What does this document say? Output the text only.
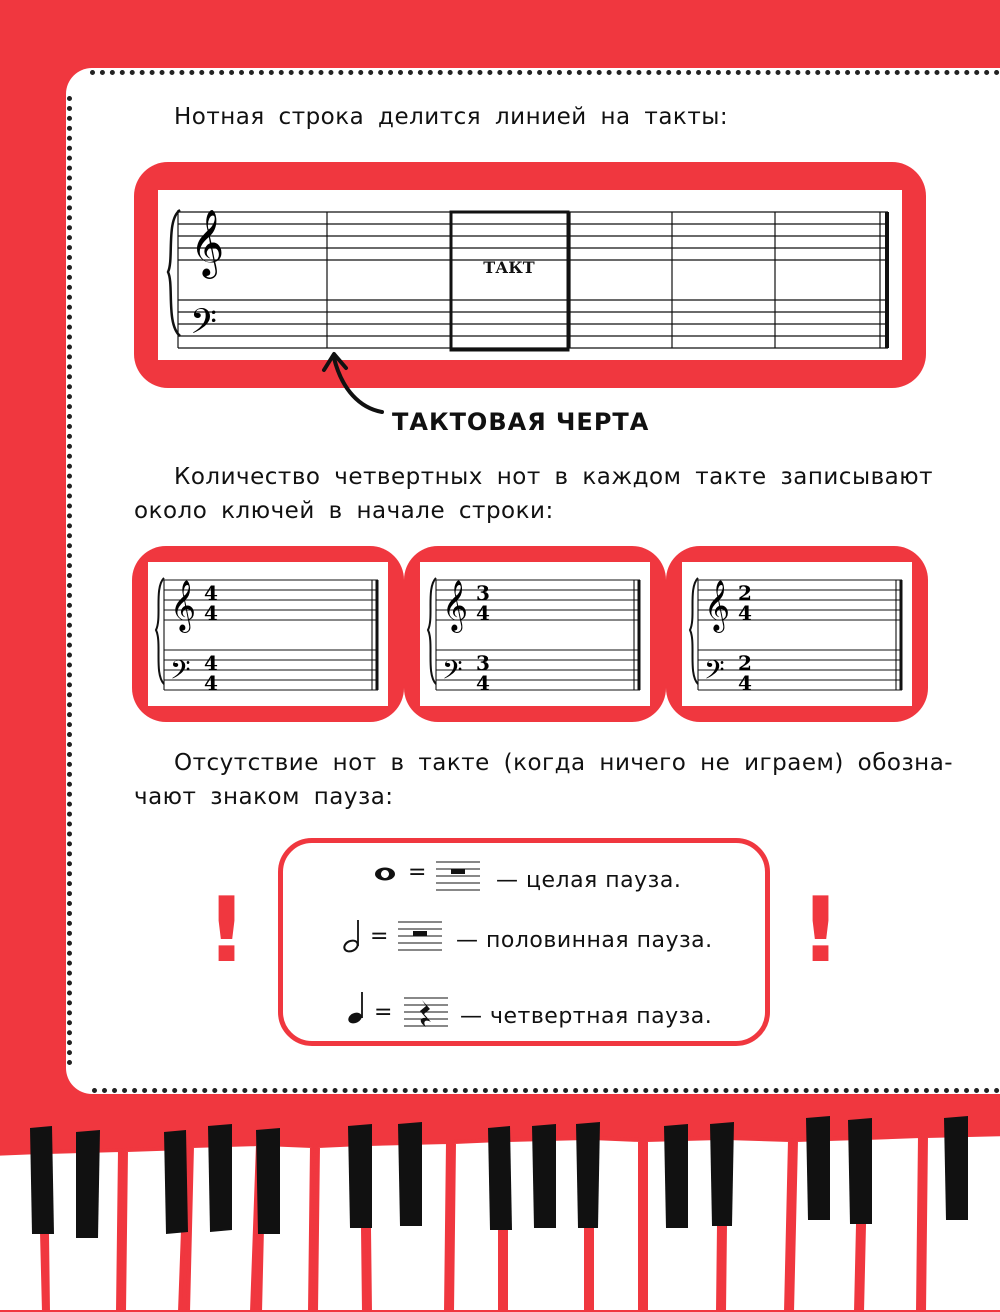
Нотная строка делится линией на такты:
𝄞
𝄢
ТАКТ
ТАКТОВАЯ ЧЕРТА
Количество четвертных нот в каждом такте записывают
около ключей в начале строки:
𝄞
𝄢
4
4
4
4
𝄞
𝄢
3
4
3
4
𝄞
𝄢
2
4
2
4
Отсутствие нот в такте (когда ничего не играем) обозна-
чают знаком пауза:
=	— целая пауза.
=	— половинная пауза.
=	— четвертная пауза.
!	!
